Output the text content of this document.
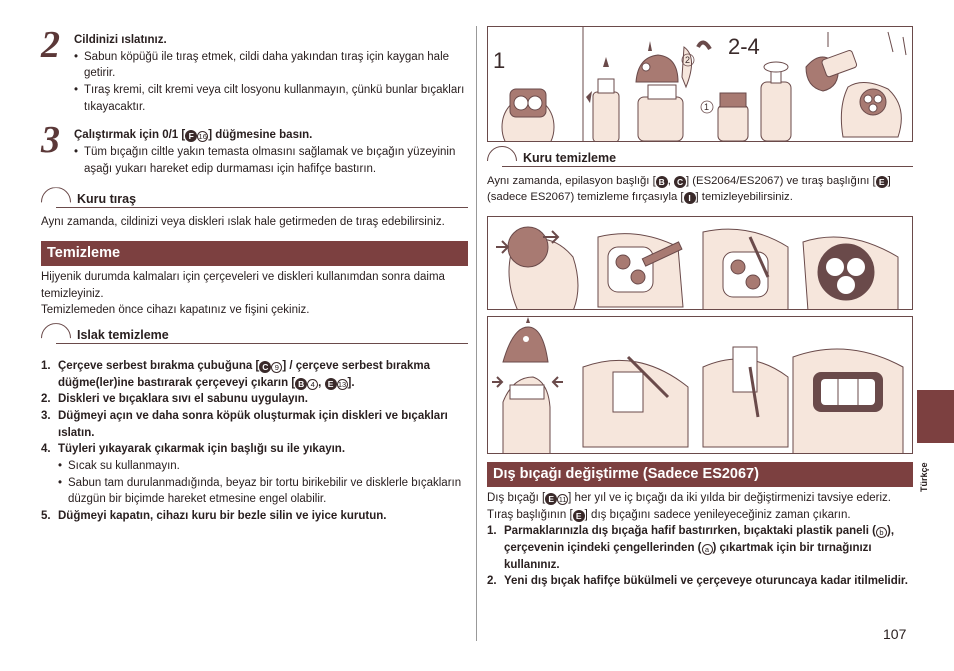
2 Cildinizi ıslatınız.
• Sabun köpüğü ile tıraş etmek, cildi daha yakından tıraş için kaygan hale getirir.
• Tıraş kremi, cilt kremi veya cilt losyonu kullanmayın, çünkü bunlar bıçakları tıkayacaktır.
3 Çalıştırmak için 0/1 [ F 16] düğmesine basın.
• Tüm bıçağın ciltle yakın temasta olmasını sağlamak ve bıçağın yüzeyinin aşağı yukarı hareket edip durmaması için hafifçe bastırın.
Kuru tıraş
Aynı zamanda, cildinizi veya diskleri ıslak hale getirmeden de tıraş edebilirsiniz.
Temizleme
Hijyenik durumda kalmaları için çerçeveleri ve diskleri kullanımdan sonra daima temizleyiniz.
Temizlemeden önce cihazı kapatınız ve fişini çekiniz.
Islak temizleme
1. Çerçeve serbest bırakma çubuğuna [ C 9 ] / çerçeve serbest bırakma düğme(ler)ine bastırarak çerçeveyi çıkarın [ B 4 , E 13].
2. Diskleri ve bıçaklara sıvı el sabunu uygulayın.
3. Düğmeyi açın ve daha sonra köpük oluşturmak için diskleri ve bıçakları ıslatın.
4. Tüyleri yıkayarak çıkarmak için başlığı su ile yıkayın.
• Sıcak su kullanmayın.
• Sabun tam durulanmadığında, beyaz bir tortu birikebilir ve disklerle bıçakların düzgün bir biçimde hareket etmesine engel olabilir.
5. Düğmeyi kapatın, cihazı kuru bir bezle silin ve iyice kurutun.
2
1
1
2-4
Kuru temizleme
Aynı zamanda, epilasyon başlığı [ B , C ] (ES2064/ES2067) ve tıraş başlığını [ E ] (sadece ES2067) temizleme fırçasıyla [ I ] temizleyebilirsiniz.
Dış bıçağı değiştirme (Sadece ES2067)
Dış bıçağı [ E 11 ] her yıl ve iç bıçağı da iki yılda bir değiştirmenizi tavsiye ederiz. Tıraş başlığının [ E ] dış bıçağını sadece yenileyeceğiniz zaman çıkarın.
1. Parmaklarınızla dış bıçağa hafif bastırırken, bıçaktaki plastik paneli ( b ), çerçevenin içindeki çengellerinden ( a ) çıkartmak için bir tırnağınızı kullanınız.
2. Yeni dış bıçak hafifçe bükülmeli ve çerçeveye oturuncaya kadar itilmelidir.
Türkçe
107
